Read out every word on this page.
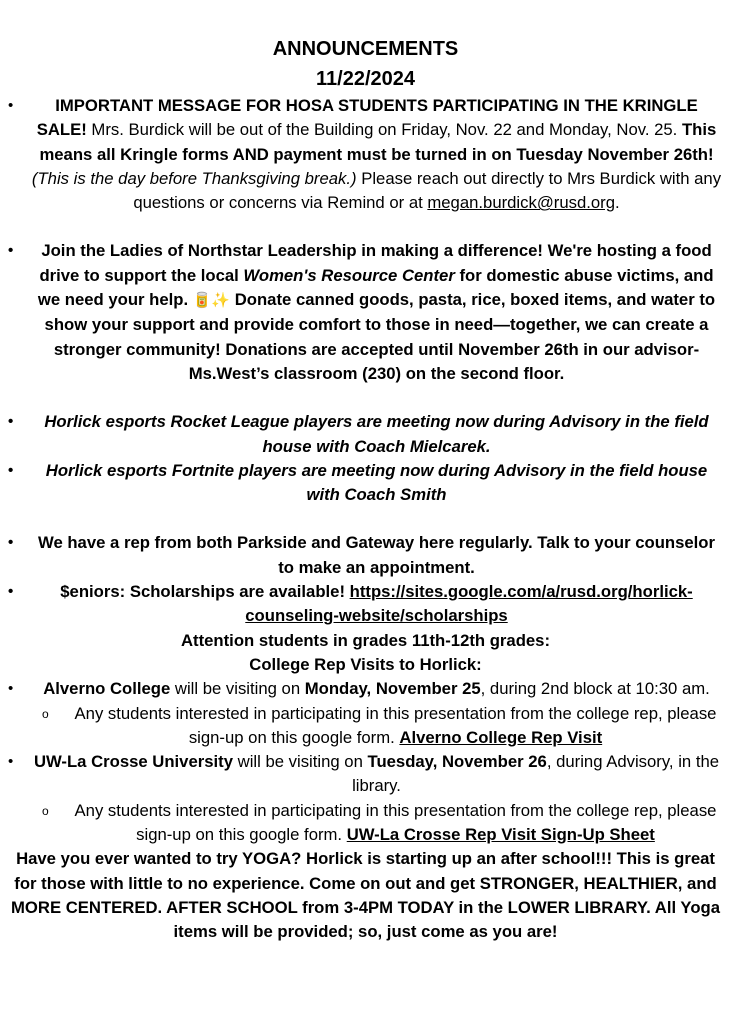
ANNOUNCEMENTS
11/22/2024
•	IMPORTANT MESSAGE FOR HOSA STUDENTS PARTICIPATING IN THE KRINGLE SALE! Mrs. Burdick will be out of the Building on Friday, Nov. 22 and Monday, Nov. 25. This means all Kringle forms AND payment must be turned in on Tuesday November 26th! (This is the day before Thanksgiving break.) Please reach out directly to Mrs Burdick with any questions or concerns via Remind or at megan.burdick@rusd.org.
• Join the Ladies of Northstar Leadership in making a difference! We're hosting a food drive to support the local Women's Resource Center for domestic abuse victims, and we need your help. 🥫✨ Donate canned goods, pasta, rice, boxed items, and water to show your support and provide comfort to those in need—together, we can create a stronger community! Donations are accepted until November 26th in our advisor- Ms.West’s classroom (230) on the second floor.
• Horlick esports Rocket League players are meeting now during Advisory in the field house with Coach Mielcarek.
• Horlick esports Fortnite players are meeting now during Advisory in the field house with Coach Smith
• We have a rep from both Parkside and Gateway here regularly. Talk to your counselor to make an appointment.
•	$eniors: Scholarships are available! https://sites.google.com/a/rusd.org/horlick-counseling-website/scholarships
Attention students in grades 11th-12th grades:
College Rep Visits to Horlick:
• Alverno College will be visiting on Monday, November 25, during 2nd block at 10:30 am.
o Any students interested in participating in this presentation from the college rep, please sign-up on this google form. Alverno College Rep Visit
• UW-La Crosse University will be visiting on Tuesday, November 26, during Advisory, in the library.
o Any students interested in participating in this presentation from the college rep, please sign-up on this google form. UW-La Crosse Rep Visit Sign-Up Sheet
Have you ever wanted to try YOGA? Horlick is starting up an after school!!! This is great for those with little to no experience. Come on out and get STRONGER, HEALTHIER, and MORE CENTERED. AFTER SCHOOL from 3-4PM TODAY in the LOWER LIBRARY. All Yoga items will be provided; so, just come as you are!
